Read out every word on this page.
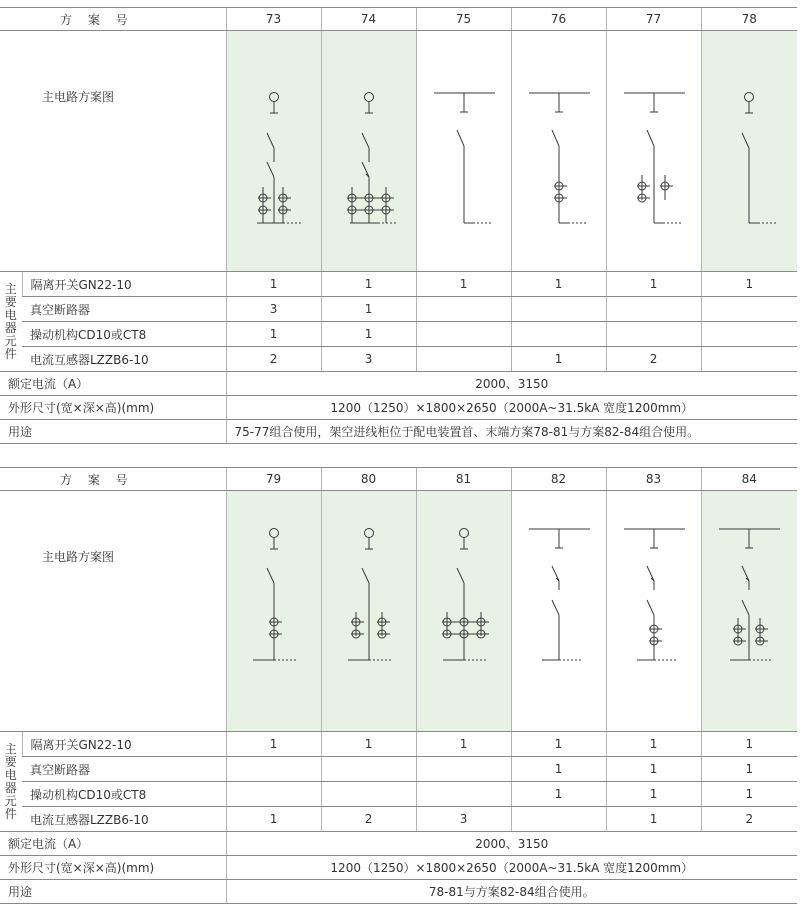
方 案 号		73	74	75	76	77	78
主电路方案图	

主要电器元件	隔离开关GN22-10	1	1	1	1	1	1
	真空断路器	3	1				
	操动机构CD10或CT8	1	1				
	电流互感器LZZB6-10	2	3		1	2	
额定电流（A）		2000、3150					
外形尺寸(宽×深×高)(mm)		1200（1250）×1800×2650（2000A~31.5kA 宽度1200mm）					
用途		75-77组合使用，架空进线柜位于配电装置首、末端方案78-81与方案82-84组合使用。					
方 案 号		79	80	81	82	83	84
主电路方案图	

主要电器元件	隔离开关GN22-10	1	1	1	1	1	1
	真空断路器				1	1	1
	操动机构CD10或CT8				1	1	1
	电流互感器LZZB6-10	1	2	3		1	2
额定电流（A）		2000、3150					
外形尺寸(宽×深×高)(mm)		1200（1250）×1800×2650（2000A~31.5kA 宽度1200mm）					
用途		78-81与方案82-84组合使用。					
